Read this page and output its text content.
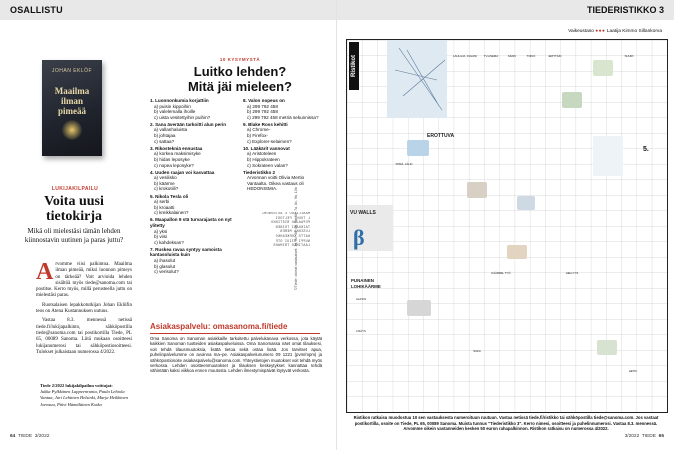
OSALLISTU
JOHAN EKLÖF
Maailma ilman pimeää
LUKIJAKILPAILU
Voita uusi
tietokirja
Mikä oli mielestäsi tämän lehden kiinnostavin uutinen ja paras juttu?
Arvomme viisi palkintoa. Maailma ilman pimeää, miksi luonnon pimeys on tärkeää? Voit arvioida lehden sisältöä myös tiede@sanoma.com tai postitse. Kerro myös, millä perusteella juttu on mielestäsi paras.
Ruotsalaisen lepakkotutkijan Johan Eklöfin teos on Atena Kustannuksen uutuus.
Vastaa 8.3. mennessä netissä tiede.fi/lukijapalkinto, sähköpostilla tiede@sanoma.com tai postikortilla Tiede, PL 65, 00089 Sanoma. Liitä mukaan osoitteesi lukijanumerosi tai sähköpostiosoitteesi. Tulokset julkaistaan numerossa 4/2022.
Tiede 2/2022 lukijakilpailun voittajat:
Jukka Pylkkänen Lappeenranta, Paula Lehtola Vantaa, Jari Lehtinen Helsinki, Marja Heikkinen Joensuu, Päivi Hämäläinen Kotka
10 KYSYMYSTÄ
Luitko lehden?
Mitä jäi mieleen?
1. Luonnonkumia korjattiin
a) puisin kippoihin
b) valelemalla ihoille
c) uista vesitettyihin puihin?
2. Sana äverään tarkoitti alun perin
a) vallanhaluista
b) johtajaa
c) sattaa?
3. Rikostekniä ennustaa
a) korkea maksimisyke
b) hidas leposyke
c) nopea leposyke?
4. Uuden raajan voi kasvattaa
a) vesilisko
b) käärme
c) krokotiili?
5. Nikola Tesla oli
a) serbi
b) kroaatti
c) kreikkalainen?
6. Maapallon 9 stä turvarajasta on nyt ylitetty
a) yksi
b) viisi
c) kahdeksan?
7. Ruskea ravaa syntyy samoista kantasoluista kuin
a) ihasolut
b) glasolut
c) verisolut?
8. Valon nopeus on
a) 299 792 458
b) 299 792 458
c) 299 792 458 metriä sekunnissa?
9. Blake Ross kehitti
a) Chrome-
b) Firefox-
c) Explorer-selaimen?
10. Lääkärit vannovat
a) Aristoteleen
b) Hippokrateen
c) Sokrateen valan?
Tiederistikko 2
Arvonnan voitti Olivia Mertio Vantaalta. Oikea vastaus oli HEDONISMIA.
MAALLIKKO E ASTRONOMI
L TOUHI PELTOSI
PEPAAJUU RISTIKKO
TAIKKARI TOINEN
LUSIKKA MEREN
KATTO KORKEAHKO
NUPPI RIIUI OTE
LAATIKKO TRIMAKS	©Tiede: oikeat vastaukset: 1a, 2c, 3b, 4a, 5a, 6b, 7a, 8c, 9b, 10b
Asiakaspalvelu: omasanoma.fi/tiede
Oma Sanoma on Sanoman asiakkaille tarkoitettu palvelukanava verkossa, jota käytät kaikkien Sanoman tuotteiden asiakaspalveluissa. Oma Sanomassa näet omat tilauksesi, voit tehdä tilausmuutoksia, lisätä tietoa sekä ostaa lisää. Jos tarvitset apua, puhelinpalvelumme on avoinna ma–pe. Asiakaspalvelunumero 09 1221 (pvm/mpm) ja sähköpostiosoite asiakaspalvelu@sanoma.com. Yhteystietojen muutokset voit tehdä myös verkossa. Lehden osoitteenmuutokset ja tilauksen keskeytykset kannattaa tehdä vähintään kaksi viikkoa ennen muutosta. Lehden ilmestymispäivät löytyvät verkosta.
64 TIEDE 3/2022
TIEDERISTIKKO 3
Vaikeustaso ●●● Laatija Kimmo Sillankorva
Ristikot
EROTTUVA
VU WALLS
β
PUNAINEN LOHIKÄÄRME
5.
LAULAJA, JUHANI	TV-ASEMA	SÄKKI	TOKIO	ERITTÄIN	SUURI
PIIMÄ- JÄLKI
KÄÄRME- TYÖ	HELLYYS
ALASIN
LISÄYS
SOFA
HETKI
Ristikon ratkaisu muodostuu 10 sen vastauksesta numeroituun ruutuun. Vastaa netissä tiede.fi/ristikko tai sähköpostilla tiede@sanoma.com. Jos vastaat postikortilla, osoite on Tiede, PL 65, 00089 Sanoma. Muista tunnus "Tiederistikko 3". Kerro nimesi, osoitteesi ja puhelinnumerosi. Vastaa 8.3. mennessä. Arvomme oikein vastanneiden kesken 50 euron rahapalkinnon. Ristikon ratkaisu on numerossa 4/2022.
3/2022 TIEDE 65
